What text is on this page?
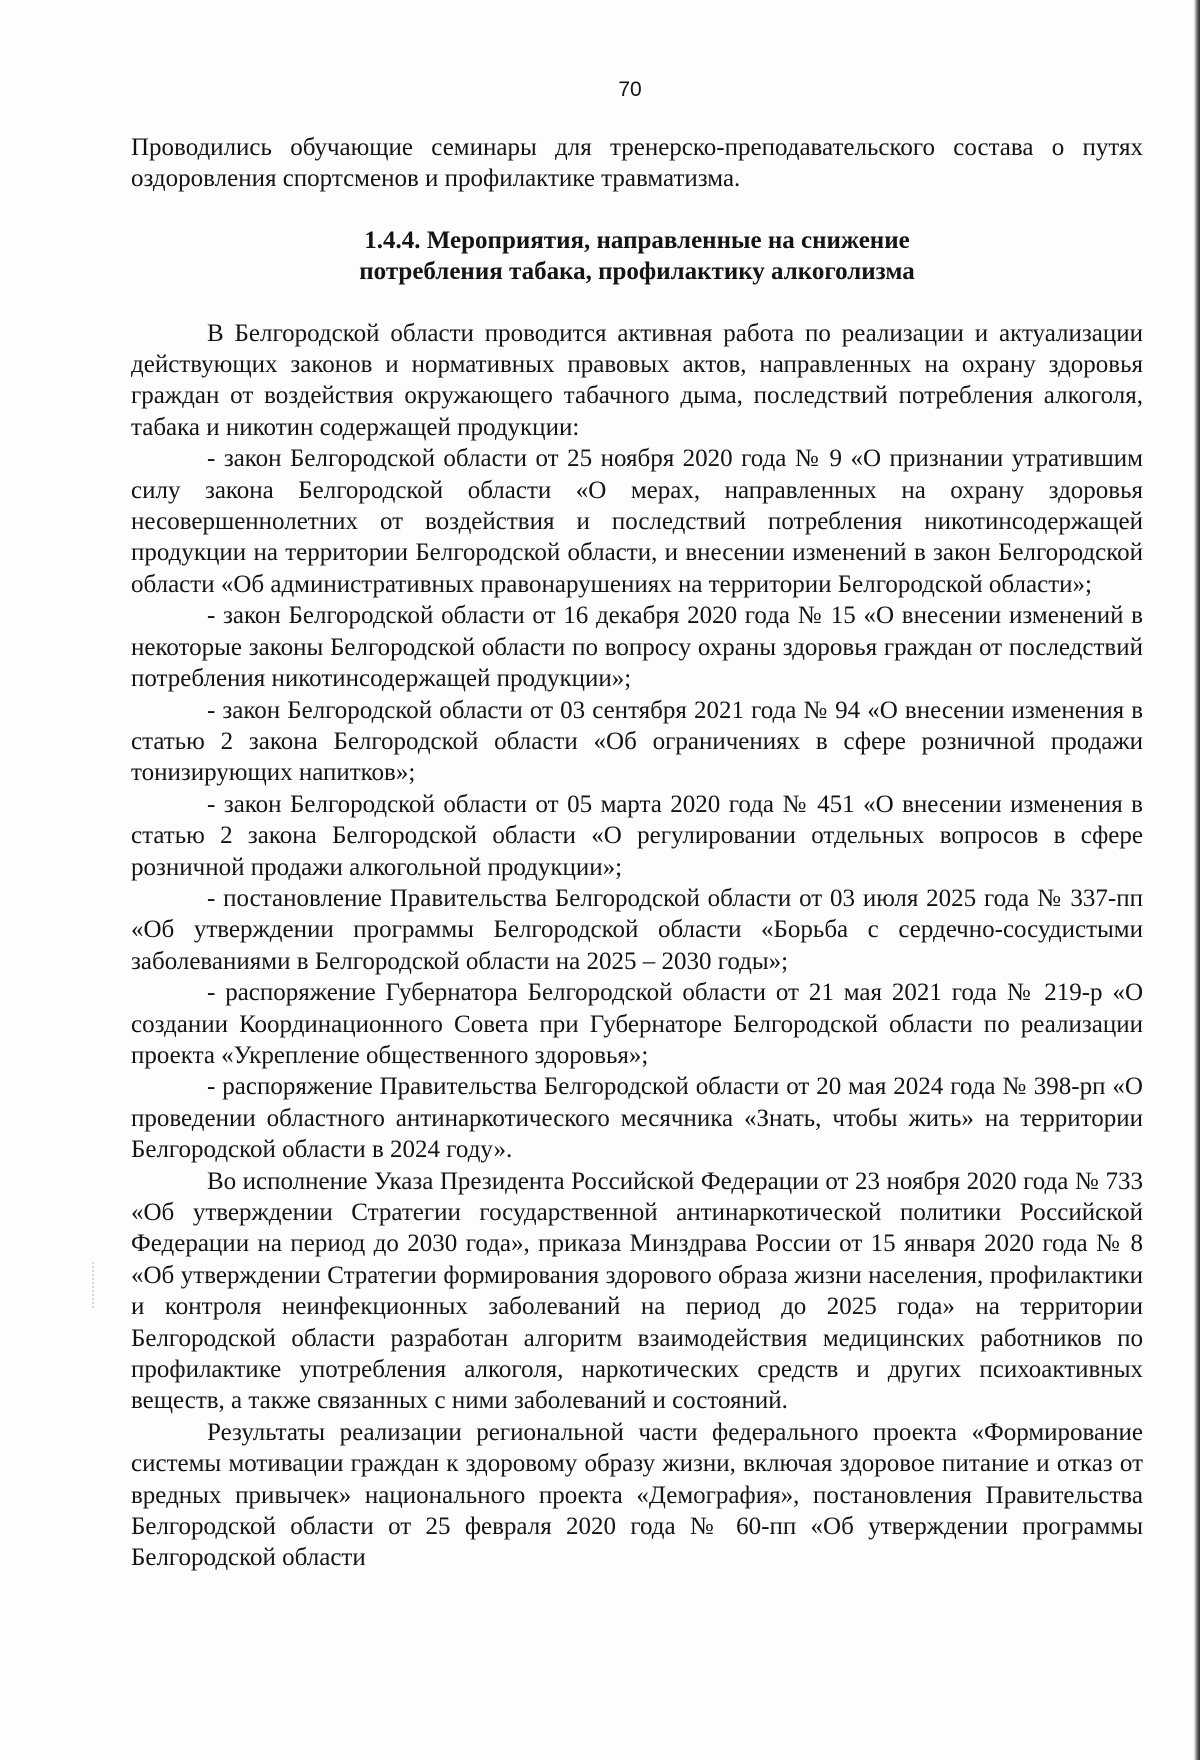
70

Проводились обучающие семинары для тренерско-преподавательского состава о путях оздоровления спортсменов и профилактике травматизма.

1.4.4. Мероприятия, направленные на снижение
потребления табака, профилактику алкоголизма

В Белгородской области проводится активная работа по реализации и актуализации действующих законов и нормативных правовых актов, направленных на охрану здоровья граждан от воздействия окружающего табачного дыма, последствий потребления алкоголя, табака и никотин содержащей продукции:

- закон Белгородской области от 25 ноября 2020 года № 9 «О признании утратившим силу закона Белгородской области «О мерах, направленных на охрану здоровья несовершеннолетних от воздействия и последствий потребления никотинсодержащей продукции на территории Белгородской области, и внесении изменений в закон Белгородской области «Об административных правонарушениях на территории Белгородской области»;

- закон Белгородской области от 16 декабря 2020 года № 15 «О внесении изменений в некоторые законы Белгородской области по вопросу охраны здоровья граждан от последствий потребления никотинсодержащей продукции»;

- закон Белгородской области от 03 сентября 2021 года № 94 «О внесении изменения в статью 2 закона Белгородской области «Об ограничениях в сфере розничной продажи тонизирующих напитков»;

- закон Белгородской области от 05 марта 2020 года № 451 «О внесении изменения в статью 2 закона Белгородской области «О регулировании отдельных вопросов в сфере розничной продажи алкогольной продукции»;

- постановление Правительства Белгородской области от 03 июля 2025 года № 337-пп «Об утверждении программы Белгородской области «Борьба с сердечно-сосудистыми заболеваниями в Белгородской области на 2025 – 2030 годы»;

- распоряжение Губернатора Белгородской области от 21 мая 2021 года № 219-р «О создании Координационного Совета при Губернаторе Белгородской области по реализации проекта «Укрепление общественного здоровья»;

- распоряжение Правительства Белгородской области от 20 мая 2024 года № 398-рп «О проведении областного антинаркотического месячника «Знать, чтобы жить» на территории Белгородской области в 2024 году».

Во исполнение Указа Президента Российской Федерации от 23 ноября 2020 года № 733 «Об утверждении Стратегии государственной антинаркотической политики Российской Федерации на период до 2030 года», приказа Минздрава России от 15 января 2020 года № 8 «Об утверждении Стратегии формирования здорового образа жизни населения, профилактики и контроля неинфекционных заболеваний на период до 2025 года» на территории Белгородской области разработан алгоритм взаимодействия медицинских работников по профилактике употребления алкоголя, наркотических средств и других психоактивных веществ, а также связанных с ними заболеваний и состояний.

Результаты реализации региональной части федерального проекта «Формирование системы мотивации граждан к здоровому образу жизни, включая здоровое питание и отказ от вредных привычек» национального проекта «Демография», постановления Правительства Белгородской области от 25 февраля 2020 года № 60-пп «Об утверждении программы Белгородской области
